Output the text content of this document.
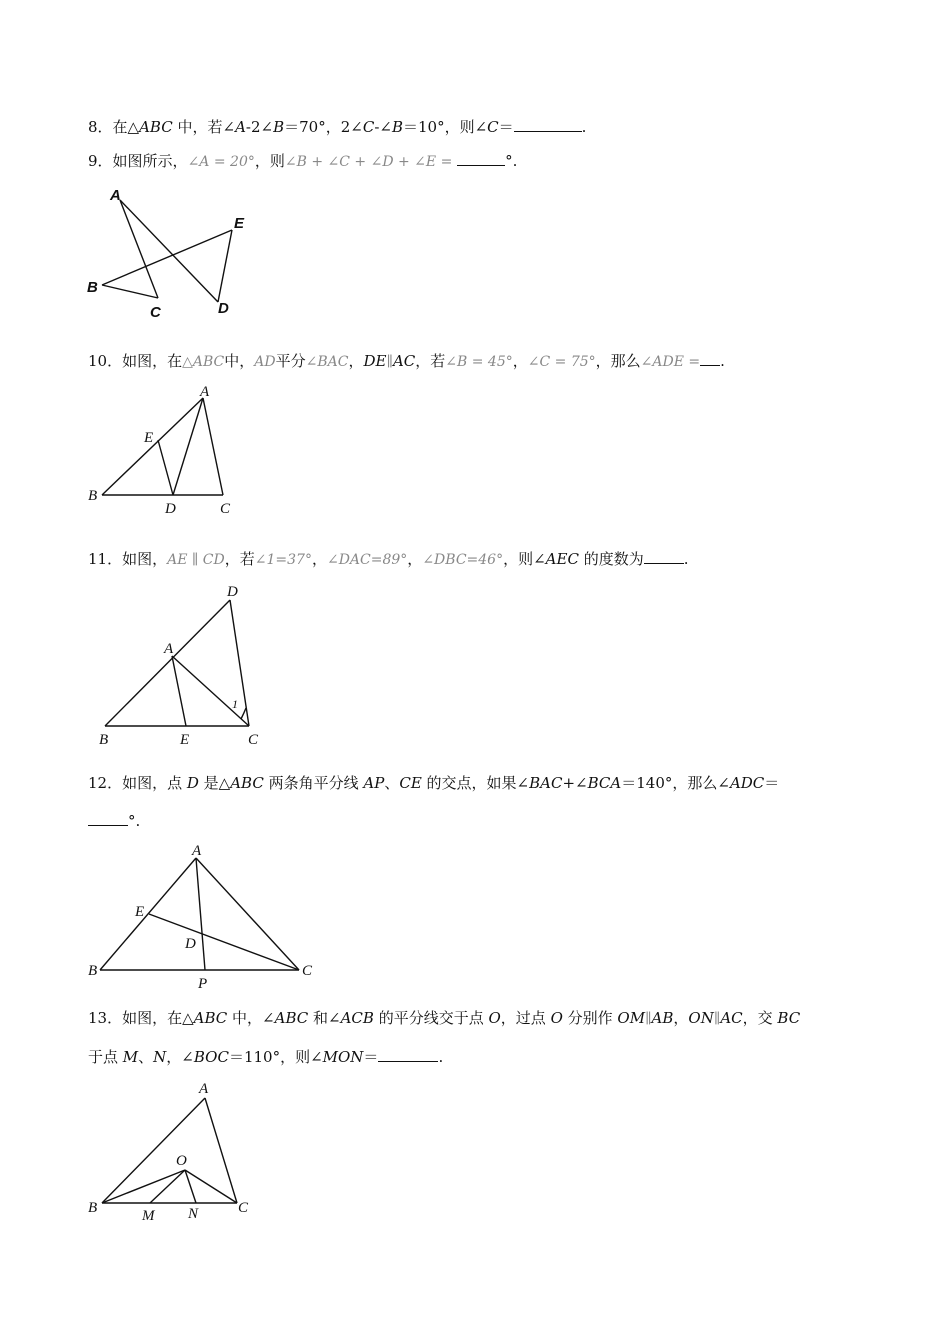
8．在△ABC 中，若∠A-2∠B＝70°，2∠C-∠B＝10°，则∠C＝	.
9．如图所示，∠A = 20°，则∠B + ∠C + ∠D + ∠E =	°.
A
B
C	D
E
10．如图，在△ABC中，AD平分∠BAC，DE∥AC，若∠B = 45°，∠C = 75°，那么∠ADE = .
A
E
B
D	C
11．如图，AE ∥ CD，若∠1=37°，∠DAC=89°，∠DBC=46°，则∠AEC 的度数为	.
D
A
B	E	C
1
12．如图，点 D 是△ABC 两条角平分线 AP、CE 的交点，如果∠BAC+∠BCA＝140°，那么∠ADC＝
°.
A
E
D
B	C
P
13．如图，在△ABC 中，∠ABC 和∠ACB 的平分线交于点 O，过点 O 分别作 OM∥AB，ON∥AC，交 BC
于点 M、N，∠BOC＝110°，则∠MON＝	.
A
O
B	M N	C
